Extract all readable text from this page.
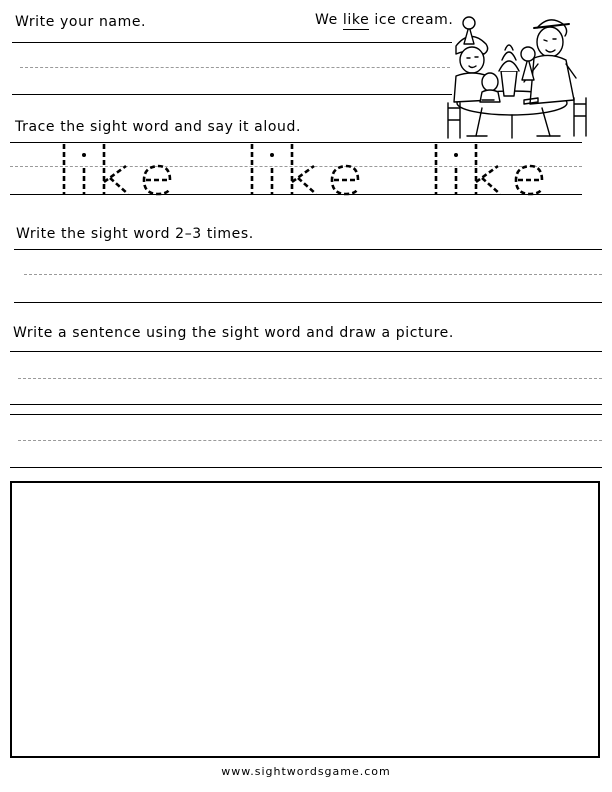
Write your name.	We like ice cream.
Trace the sight word and say it aloud.
Write the sight word 2–3 times.
Write a sentence using the sight word and draw a picture.
www.sightwordsgame.com
